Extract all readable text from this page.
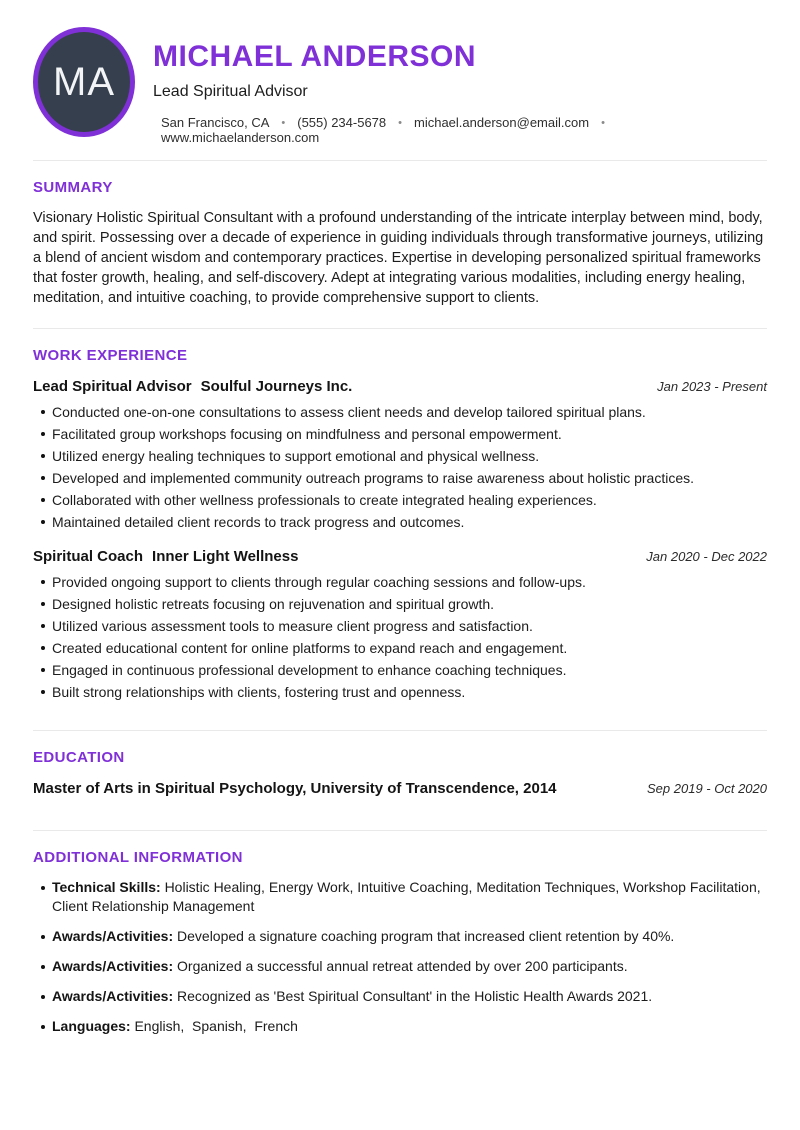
MA
MICHAEL ANDERSON
Lead Spiritual Advisor
San Francisco, CA • (555) 234-5678 • michael.anderson@email.com •
www.michaelanderson.com
SUMMARY

Visionary Holistic Spiritual Consultant with a profound understanding of the intricate interplay between mind, body, and spirit. Possessing over a decade of experience in guiding individuals through transformative journeys, utilizing a blend of ancient wisdom and contemporary practices. Expertise in developing personalized spiritual frameworks that foster growth, healing, and self-discovery. Adept at integrating various modalities, including energy healing, meditation, and intuitive coaching, to provide comprehensive support to clients.

WORK EXPERIENCE
Lead Spiritual Advisor Soulful Journeys Inc.	Jan 2023 - Present
Conducted one-on-one consultations to assess client needs and develop tailored spiritual plans.
Facilitated group workshops focusing on mindfulness and personal empowerment.
Utilized energy healing techniques to support emotional and physical wellness.
Developed and implemented community outreach programs to raise awareness about holistic practices.
Collaborated with other wellness professionals to create integrated healing experiences.
Maintained detailed client records to track progress and outcomes.
Spiritual Coach Inner Light Wellness	Jan 2020 - Dec 2022
Provided ongoing support to clients through regular coaching sessions and follow-ups.
Designed holistic retreats focusing on rejuvenation and spiritual growth.
Utilized various assessment tools to measure client progress and satisfaction.
Created educational content for online platforms to expand reach and engagement.
Engaged in continuous professional development to enhance coaching techniques.
Built strong relationships with clients, fostering trust and openness.
EDUCATION
Master of Arts in Spiritual Psychology, University of Transcendence, 2014	Sep 2019 - Oct 2020
ADDITIONAL INFORMATION
Technical Skills: Holistic Healing, Energy Work, Intuitive Coaching, Meditation Techniques, Workshop Facilitation, Client Relationship Management
Awards/Activities: Developed a signature coaching program that increased client retention by 40%.
Awards/Activities: Organized a successful annual retreat attended by over 200 participants.
Awards/Activities: Recognized as 'Best Spiritual Consultant' in the Holistic Health Awards 2021.
Languages: English,  Spanish,  French
